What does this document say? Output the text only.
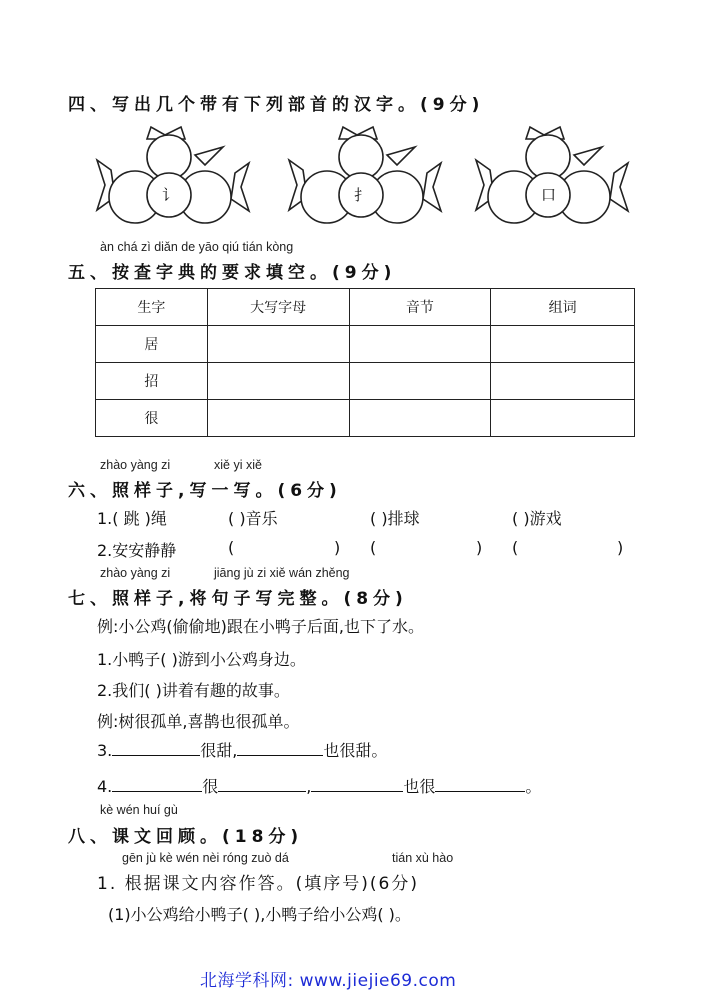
四、写出几个带有下列部首的汉字。(9分)
讠	扌	口
àn chá zì diǎn de yāo qiú tián kòng
五、按查字典的要求填空。(9分)
生字	大写字母	音节	组词
居			
招			
很			
zhào yàng zi	xiě yi xiě
六、照样子,写一写。(6分)
1.( 跳 )绳	( )音乐	( )排球	( )游戏
2.安安静静	(	) (	) (	)
zhào yàng zi	jiāng jù zi xiě wán zhěng
七、照样子,将句子写完整。(8分)
例:小公鸡(偷偷地)跟在小鸭子后面,也下了水。
1.小鸭子( )游到小公鸡身边。
2.我们( )讲着有趣的故事。
例:树很孤单,喜鹊也很孤单。
3.	很甜,	也很甜。
4.	很	,	也很	。
kè wén huí gù
八、课文回顾。(18分)
gēn jù kè wén nèi róng zuò dá	tián xù hào
1. 根据课文内容作答。(填序号)(6分)
(1)小公鸡给小鸭子( ),小鸭子给小公鸡( )。
北海学科网: www.jiejie69.com
